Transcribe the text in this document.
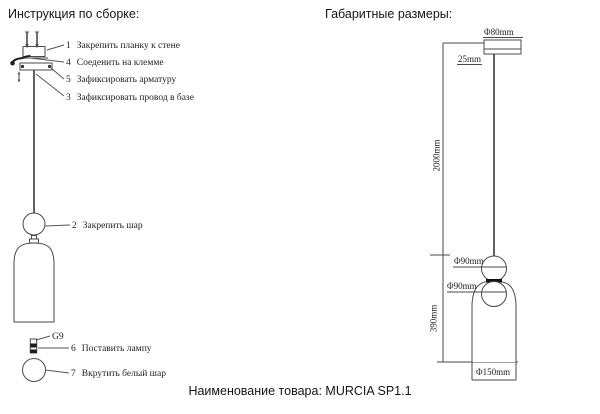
Инструкция по сборке:	Габаритные размеры:
1 Закрепить планку к стене
4 Соеденить на клемме
5 Зафиксировать арматуру
3 Зафиксировать провод в базе
2 Закрепить шар
G9
6 Поставить лампу
7 Вкрутить белый шар
Φ80mm
25mm
2000mm
Φ90mm
Φ90mm
390mm
Φ150mm
Наименование товара: MURCIA SP1.1
